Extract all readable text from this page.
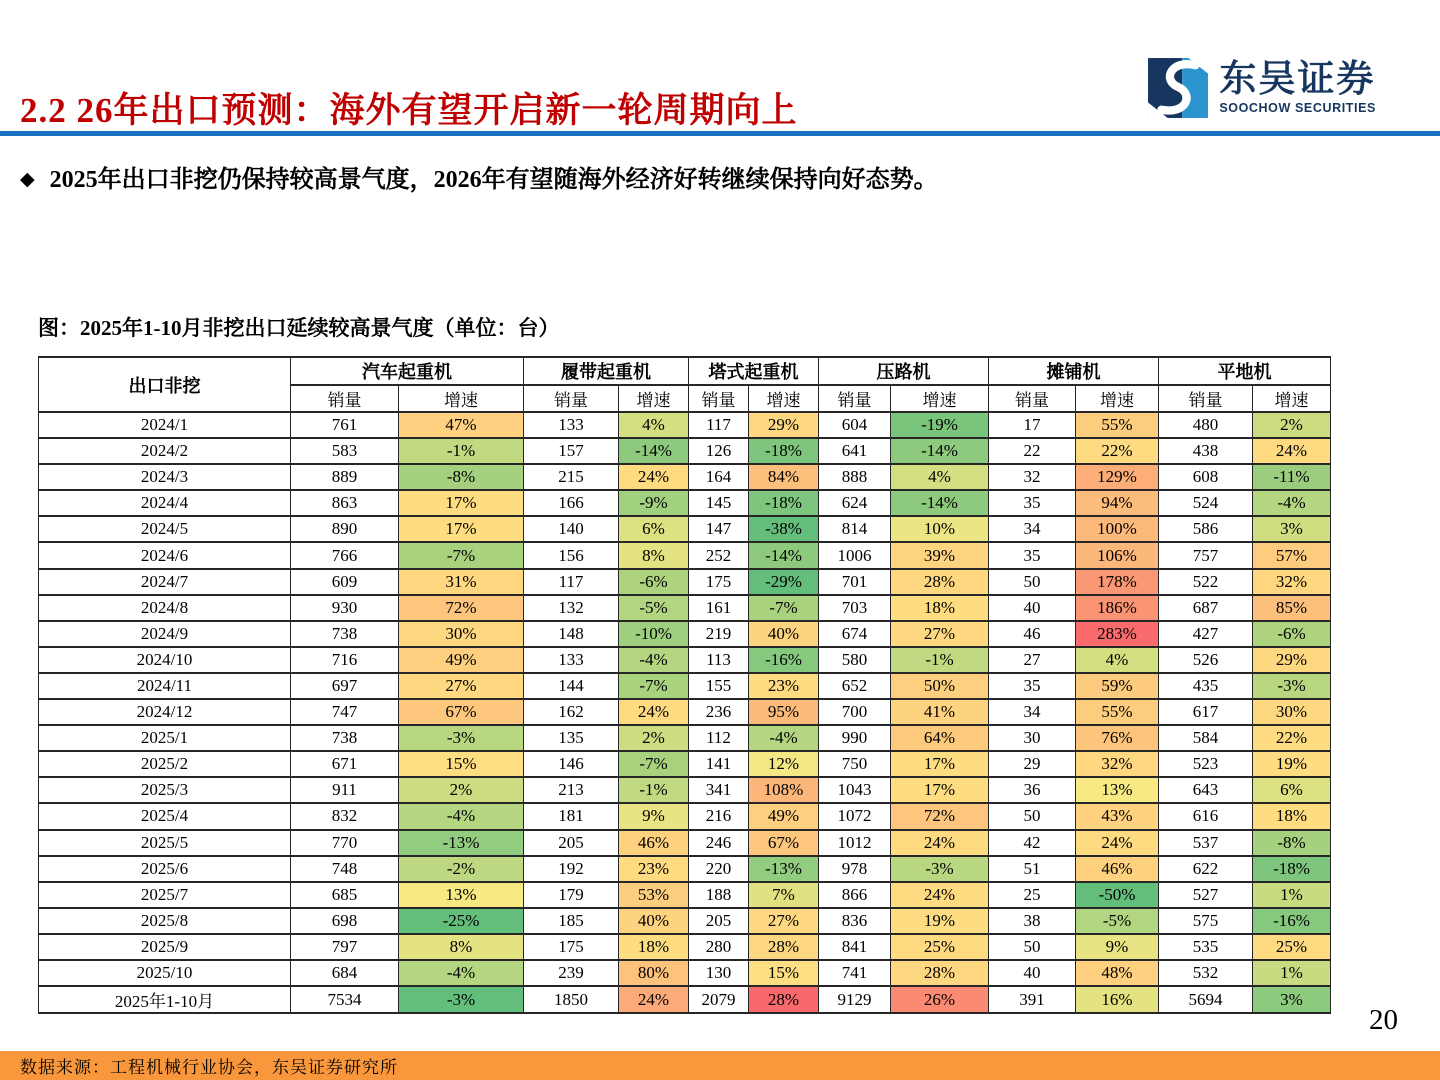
2.2 26年出口预测：海外有望开启新一轮周期向上
东吴证券
SOOCHOW SECURITIES
◆ 2025年出口非挖仍保持较高景气度，2026年有望随海外经济好转继续保持向好态势。
图：2025年1-10月非挖出口延续较高景气度（单位：台）
出口非挖	汽车起重机		履带起重机		塔式起重机		压路机		摊铺机		平地机	
	销量	增速	销量	增速	销量	增速	销量	增速	销量	增速	销量	增速
2024/1	761	47%	133	4%	117	29%	604	-19%	17	55%	480	2%
2024/2	583	-1%	157	-14%	126	-18%	641	-14%	22	22%	438	24%
2024/3	889	-8%	215	24%	164	84%	888	4%	32	129%	608	-11%
2024/4	863	17%	166	-9%	145	-18%	624	-14%	35	94%	524	-4%
2024/5	890	17%	140	6%	147	-38%	814	10%	34	100%	586	3%
2024/6	766	-7%	156	8%	252	-14%	1006	39%	35	106%	757	57%
2024/7	609	31%	117	-6%	175	-29%	701	28%	50	178%	522	32%
2024/8	930	72%	132	-5%	161	-7%	703	18%	40	186%	687	85%
2024/9	738	30%	148	-10%	219	40%	674	27%	46	283%	427	-6%
2024/10	716	49%	133	-4%	113	-16%	580	-1%	27	4%	526	29%
2024/11	697	27%	144	-7%	155	23%	652	50%	35	59%	435	-3%
2024/12	747	67%	162	24%	236	95%	700	41%	34	55%	617	30%
2025/1	738	-3%	135	2%	112	-4%	990	64%	30	76%	584	22%
2025/2	671	15%	146	-7%	141	12%	750	17%	29	32%	523	19%
2025/3	911	2%	213	-1%	341	108%	1043	17%	36	13%	643	6%
2025/4	832	-4%	181	9%	216	49%	1072	72%	50	43%	616	18%
2025/5	770	-13%	205	46%	246	67%	1012	24%	42	24%	537	-8%
2025/6	748	-2%	192	23%	220	-13%	978	-3%	51	46%	622	-18%
2025/7	685	13%	179	53%	188	7%	866	24%	25	-50%	527	1%
2025/8	698	-25%	185	40%	205	27%	836	19%	38	-5%	575	-16%
2025/9	797	8%	175	18%	280	28%	841	25%	50	9%	535	25%
2025/10	684	-4%	239	80%	130	15%	741	28%	40	48%	532	1%
2025年1-10月	7534	-3%	1850	24%	2079	28%	9129	26%	391	16%	5694	3%
20
数据来源：工程机械行业协会，东吴证券研究所
